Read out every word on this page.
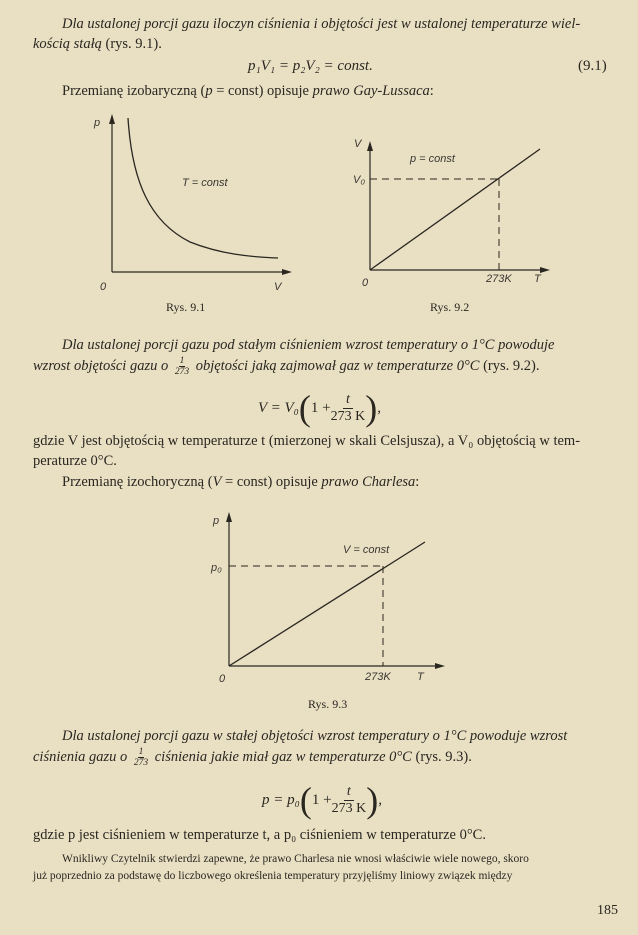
Dla ustalonej porcji gazu iloczyn ciśnienia i objętości jest w ustalonej temperaturze wiel-
kością stałą (rys. 9.1).
p₁V₁ = p₂V₂ = const.	(9.1)
Przemianę izobaryczną (p = const) opisuje prawo Gay-Lussaca:
p
T = const
0	V
Rys. 9.1
V
p = const
V₀
0	273K T
Rys. 9.2
Dla ustalonej porcji gazu pod stałym ciśnieniem wzrost temperatury o 1°C powoduje
wzrost objętości gazu o $\frac{1}{273}$ objętości jaką zajmował gaz w temperaturze 0°C (rys. 9.2).
V = V₀ ( $1 + \frac{t}{273 K}$ ) ,
gdzie V jest objętością w temperaturze t (mierzonej w skali Celsjusza), a V₀ objętością w tem-
peraturze 0°C.
Przemianę izochoryczną (V = const) opisuje prawo Charlesa:
p
V = const
p₀
0	273K T
Rys. 9.3
Dla ustalonej porcji gazu w stałej objętości wzrost temperatury o 1°C powoduje wzrost
ciśnienia gazu o $\frac{1}{273}$ ciśnienia jakie miał gaz w temperaturze 0°C (rys. 9.3).
p = p₀ ( $1 + \frac{t}{273 K}$ ) ,
gdzie p jest ciśnieniem w temperaturze t, a p₀ ciśnieniem w temperaturze 0°C.
Wnikliwy Czytelnik stwierdzi zapewne, że prawo Charlesa nie wnosi właściwie wiele nowego, skoro
już poprzednio za podstawę do liczbowego określenia temperatury przyjęliśmy liniowy związek między
185
